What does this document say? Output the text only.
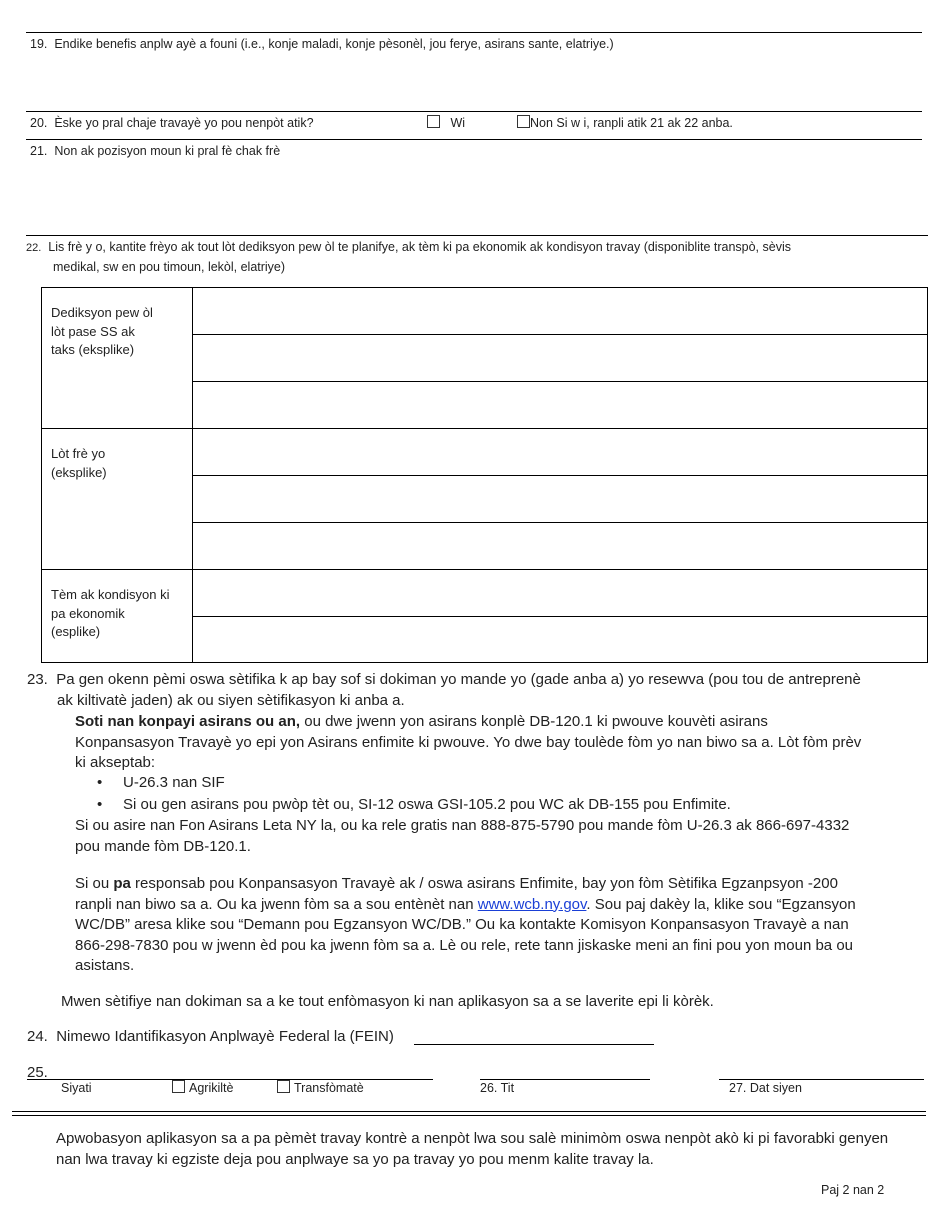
19. Endike benefis anplw ayè a founi (i.e., konje maladi, konje pèsonèl, jou ferye, asirans sante, elatriye.)
20. Èske yo pral chaje travayè yo pou nenpòt atik?	Wi	Non Si w i, ranpli atik 21 ak 22 anba.
21. Non ak pozisyon moun ki pral fè chak frè
22. Lis frè y o, kantite frèyo ak tout lòt dediksyon pew òl te planifye, ak tèm ki pa ekonomik ak kondisyon travay (disponiblite transpò, sèvis
medikal, sw en pou timoun, lekòl, elatriye)
Dediksyon pew òl
lòt pase SS ak
taks (eksplike)	

Lòt frè yo
(eksplike)	

Tèm ak kondisyon ki
pa ekonomik
(esplike)	

23. Pa gen okenn pèmi oswa sètifika k ap bay sof si dokiman yo mande yo (gade anba a) yo resewva (pou tou de antreprenè
ak kiltivatè jaden) ak ou siyen sètifikasyon ki anba a.
Soti nan konpayi asirans ou an, ou dwe jwenn yon asirans konplè DB-120.1 ki pwouve kouvèti asirans
Konpansasyon Travayè yo epi yon Asirans enfimite ki pwouve. Yo dwe bay toulède fòm yo nan biwo sa a. Lòt fòm prèv
ki akseptab:
• U-26.3 nan SIF
• Si ou gen asirans pou pwòp tèt ou, SI-12 oswa GSI-105.2 pou WC ak DB-155 pou Enfimite.
Si ou asire nan Fon Asirans Leta NY la, ou ka rele gratis nan 888-875-5790 pou mande fòm U-26.3 ak 866-697-4332
pou mande fòm DB-120.1.
Si ou pa responsab pou Konpansasyon Travayè ak / oswa asirans Enfimite, bay yon fòm Sètifika Egzanpsyon -200
ranpli nan biwo sa a. Ou ka jwenn fòm sa a sou entènèt nan www.wcb.ny.gov. Sou paj dakèy la, klike sou “Egzansyon
WC/DB” aresa klike sou “Demann pou Egzansyon WC/DB.” Ou ka kontakte Komisyon Konpansasyon Travayè a nan
866-298-7830 pou w jwenn èd pou ka jwenn fòm sa a. Lè ou rele, rete tann jiskaske meni an fini pou yon moun ba ou
asistans.
Mwen sètifiye nan dokiman sa a ke tout enfòmasyon ki nan aplikasyon sa a se laverite epi li kòrèk.
24. Nimewo Idantifikasyon Anplwayè Federal la (FEIN)
25.
Siyati	Agrikiltè	Transfòmatè	26. Tit	27. Dat siyen
Apwobasyon aplikasyon sa a pa pèmèt travay kontrè a nenpòt lwa sou salè minimòm oswa nenpòt akò ki pi favorabki genyen
nan lwa travay ki egziste deja pou anplwaye sa yo pa travay yo pou menm kalite travay la.
Paj 2 nan 2
